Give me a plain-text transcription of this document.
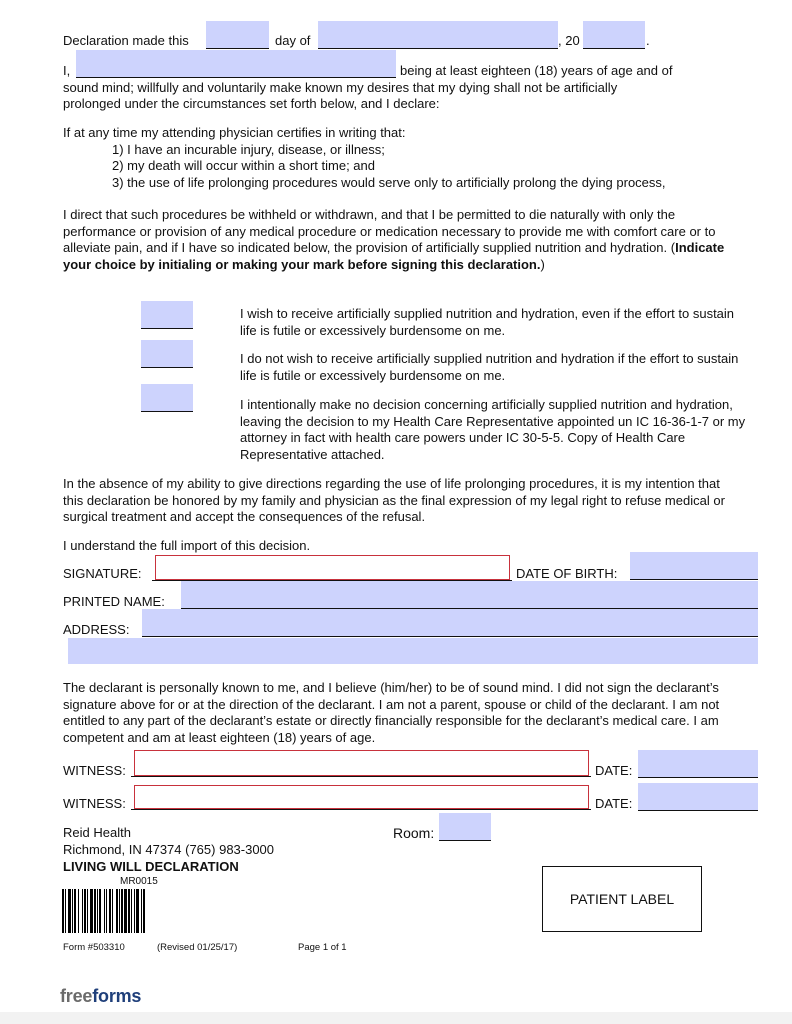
Declaration made this	day of	, 20	.
I,	being at least eighteen (18) years of age and of
sound mind; willfully and voluntarily make known my desires that my dying shall not be artificially
prolonged under the circumstances set forth below, and I declare:
If at any time my attending physician certifies in writing that:
1) I have an incurable injury, disease, or illness;
2) my death will occur within a short time; and
3) the use of life prolonging procedures would serve only to artificially prolong the dying process,
I direct that such procedures be withheld or withdrawn, and that I be permitted to die naturally with only the performance or provision of any medical procedure or medication necessary to provide me with comfort care or to alleviate pain, and if I have so indicated below, the provision of artificially supplied nutrition and hydration. (Indicate your choice by initialing or making your mark before signing this declaration.)
I wish to receive artificially supplied nutrition and hydration, even if the effort to sustain life is futile or excessively burdensome on me.
I do not wish to receive artificially supplied nutrition and hydration if the effort to sustain life is futile or excessively burdensome on me.
I intentionally make no decision concerning artificially supplied nutrition and hydration, leaving the decision to my Health Care Representative appointed un IC 16-36-1-7 or my attorney in fact with health care powers under IC 30-5-5. Copy of Health Care Representative attached.
In the absence of my ability to give directions regarding the use of life prolonging procedures, it is my intention that this declaration be honored by my family and physician as the final expression of my legal right to refuse medical or surgical treatment and accept the consequences of the refusal.
I understand the full import of this decision.
SIGNATURE:	DATE OF BIRTH:
PRINTED NAME:
ADDRESS:
The declarant is personally known to me, and I believe (him/her) to be of sound mind. I did not sign the declarant’s signature above for or at the direction of the declarant. I am not a parent, spouse or child of the declarant. I am not entitled to any part of the declarant’s estate or directly financially responsible for the declarant’s medical care. I am competent and am at least eighteen (18) years of age.
WITNESS:	DATE:
WITNESS:	DATE:
Reid Health
Richmond, IN 47374 (765) 983-3000
LIVING WILL DECLARATION
MR0015
Room:
Form #503310	(Revised 01/25/17)	Page 1 of 1
PATIENT LABEL
freeforms
